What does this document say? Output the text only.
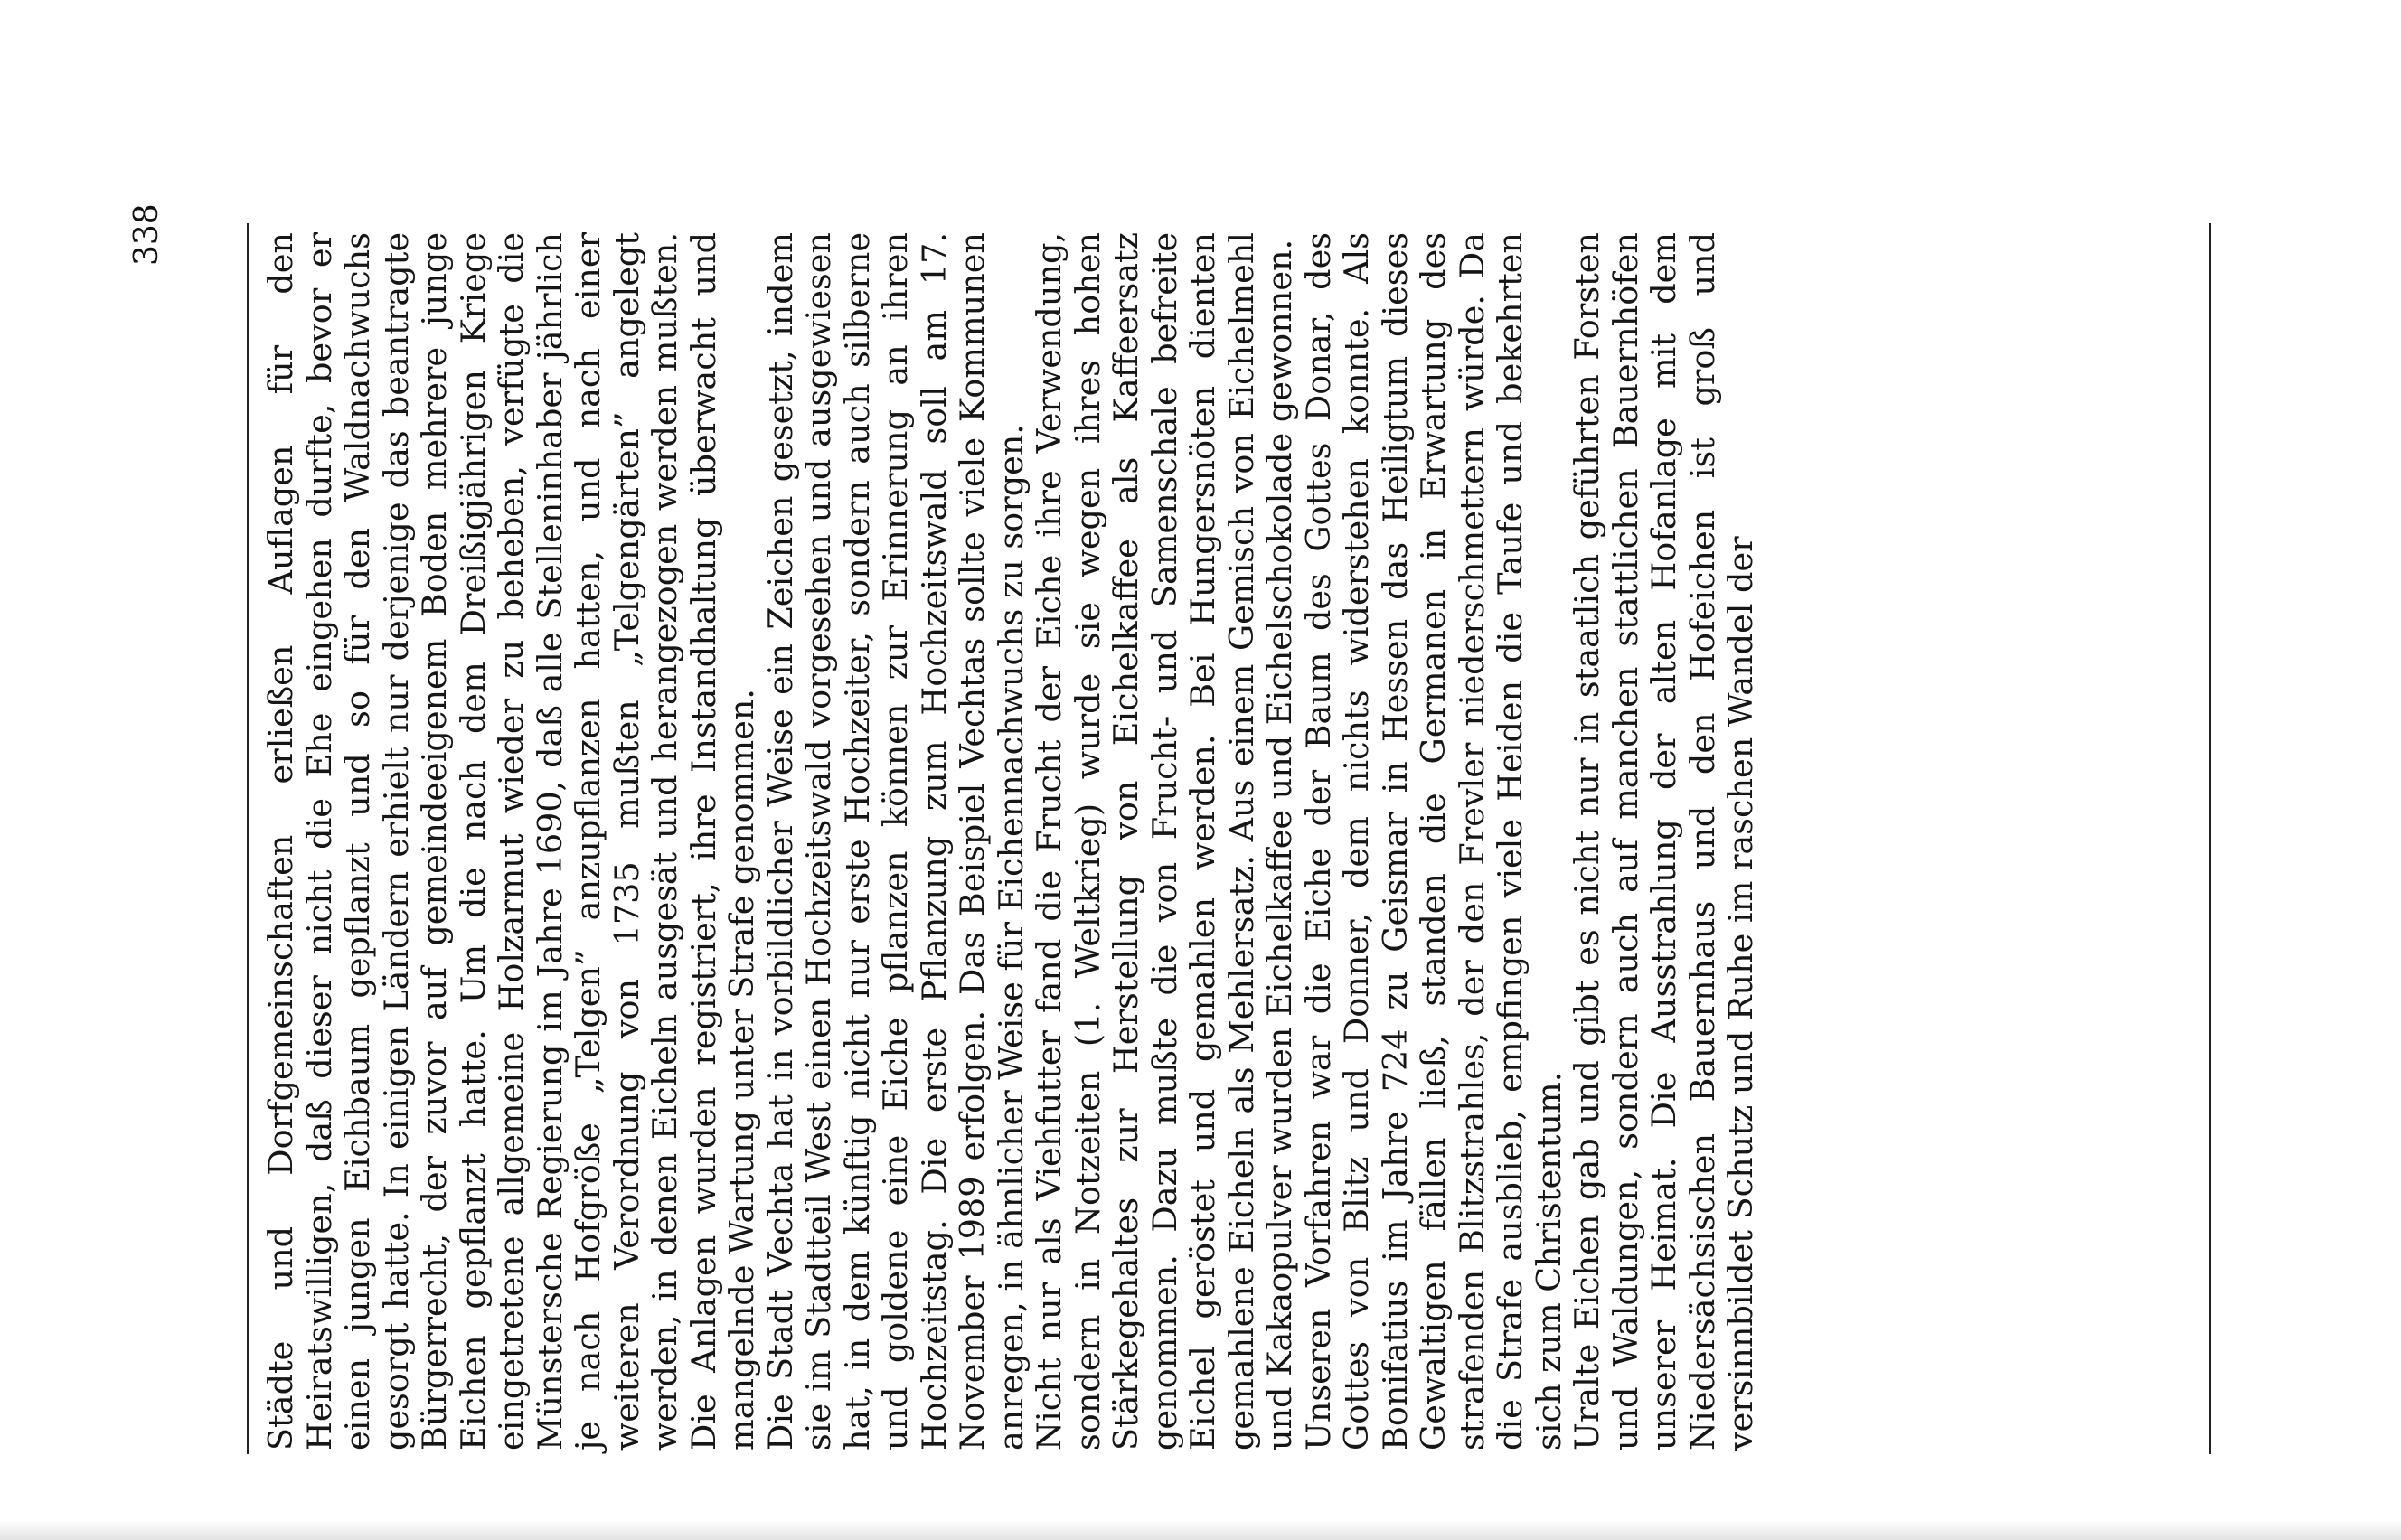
Städte und Dorfgemeinschaften erließen Auflagen für den Heiratswilligen, daß dieser nicht die Ehe eingehen durfte, bevor er einen jungen Eichbaum gepflanzt und so für den Waldnachwuchs gesorgt hatte. In einigen Ländern erhielt nur derjenige das beantragte Bürgerrecht, der zuvor auf gemeindeeigenem Boden mehrere junge Eichen gepflanzt hatte. Um die nach dem Dreißigjährigen Kriege eingetretene allgemeine Holzarmut wieder zu beheben, verfügte die Münstersche Regierung im Jahre 1690, daß alle Stelleninhaber jährlich je nach Hofgröße „Telgen” anzupflanzen hatten, und nach einer weiteren Verordnung von 1735 mußten „Telgengärten” angelegt werden, in denen Eicheln ausgesät und herangezogen werden mußten. Die Anlagen wurden registriert, ihre Instandhaltung überwacht und mangelnde Wartung unter Strafe genommen. Die Stadt Vechta hat in vorbildlicher Weise ein Zeichen gesetzt, indem sie im Stadtteil West einen Hochzeitswald vorgesehen und ausgewiesen hat, in dem künftig nicht nur erste Hochzeiter, sondern auch silberne und goldene eine Eiche pflanzen können zur Erinnerung an ihren Hochzeitstag. Die erste Pflanzung zum Hochzeitswald soll am 17. November 1989 erfolgen. Das Beispiel Vechtas sollte viele Kommunen anregen, in ähnlicher Weise für Eichennachwuchs zu sorgen. Nicht nur als Viehfutter fand die Frucht der Eiche ihre Verwendung, sondern in Notzeiten (1. Weltkrieg) wurde sie wegen ihres hohen Stärkegehaltes zur Herstellung von Eichelkaffee als Kaffeersatz genommen. Dazu mußte die von Frucht- und Samenschale befreite Eichel geröstet und gemahlen werden. Bei Hungersnöten dienten gemahlene Eicheln als Mehlersatz. Aus einem Gemisch von Eichelmehl und Kakaopulver wurden Eichelkaffee und Eichelschokolade gewonnen. Unseren Vorfahren war die Eiche der Baum des Gottes Donar, des Gottes von Blitz und Donner, dem nichts widerstehen konnte. Als Bonifatius im Jahre 724 zu Geismar in Hessen das Heiligtum dieses Gewaltigen fällen ließ, standen die Germanen in Erwartung des strafenden Blitzstrahles, der den Frevler niederschmettern würde. Da die Strafe ausblieb, empfingen viele Heiden die Taufe und bekehrten sich zum Christentum. Uralte Eichen gab und gibt es nicht nur in staatlich geführten Forsten und Waldungen, sondern auch auf manchen stattlichen Bauernhöfen unserer Heimat. Die Ausstrahlung der alten Hofanlage mit dem Niedersächsischen Bauernhaus und den Hofeichen ist groß und versinnbildet Schutz und Ruhe im raschen Wandel der

338
